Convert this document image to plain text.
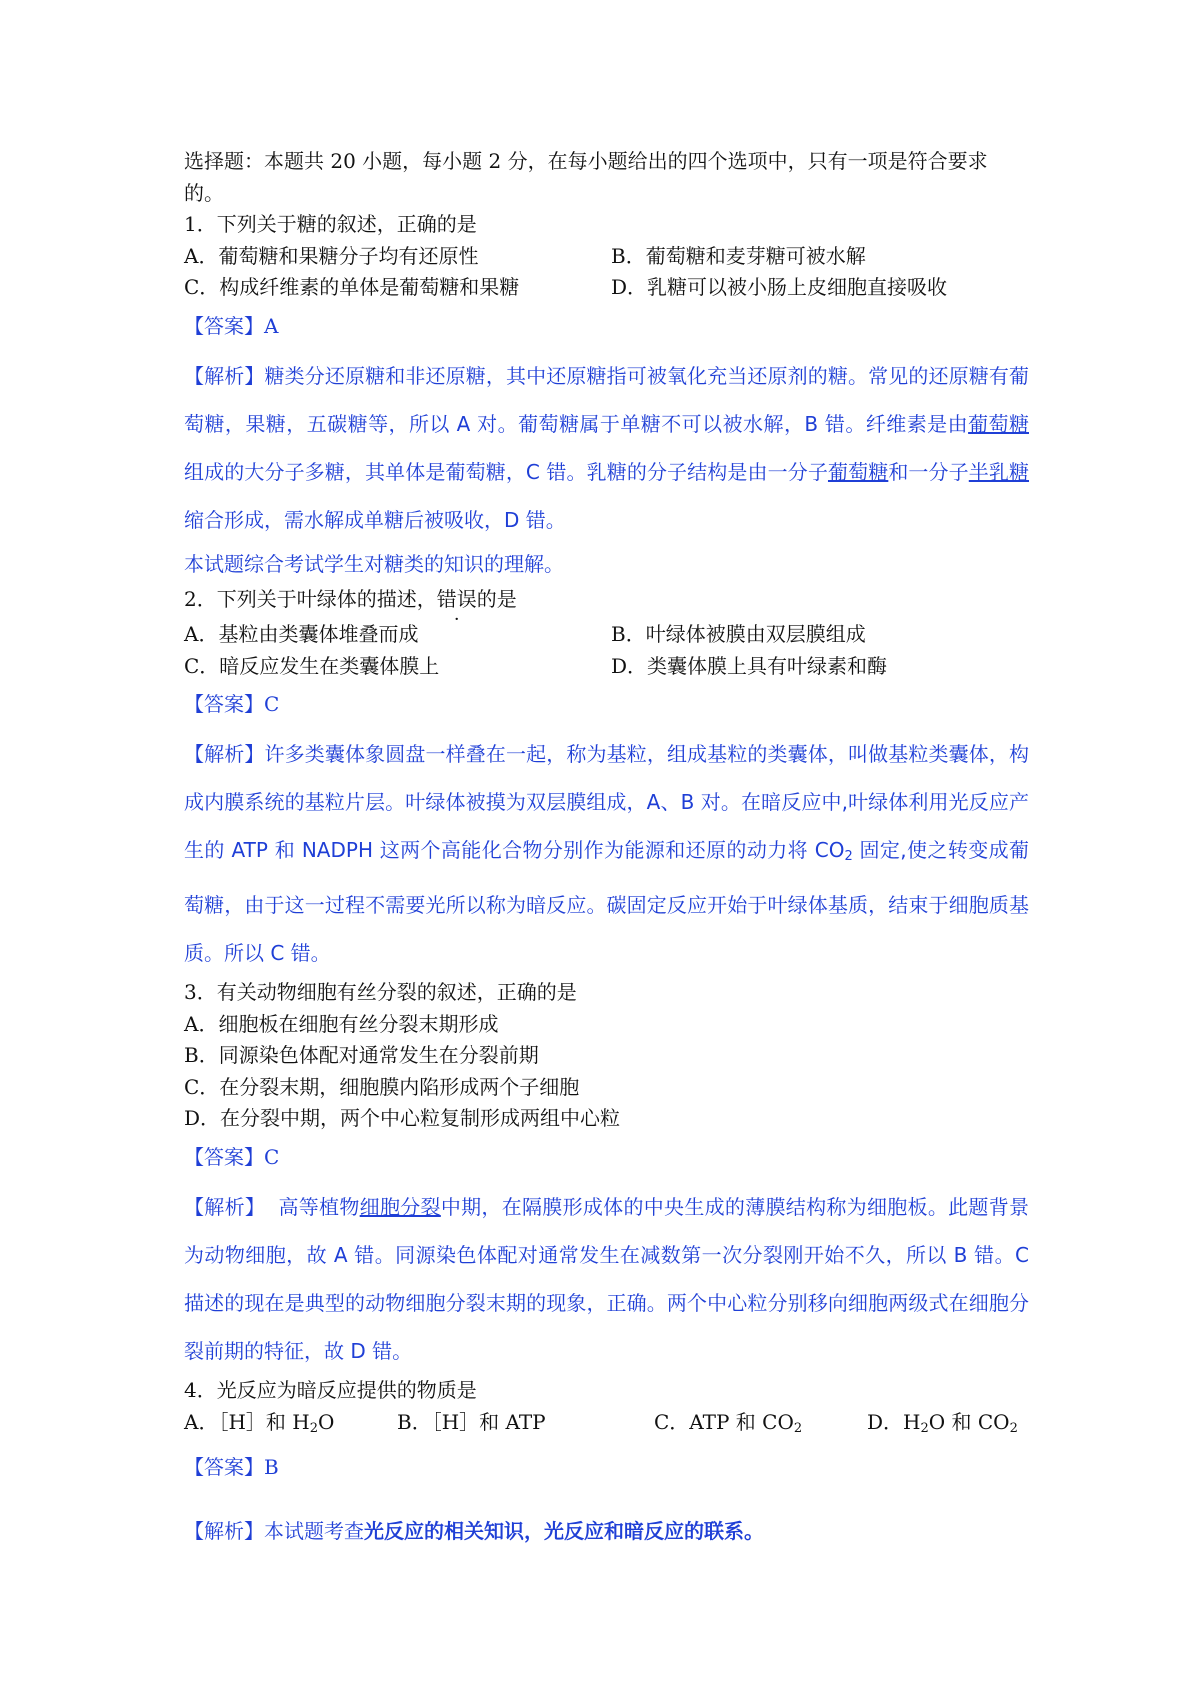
选择题：本题共 20 小题，每小题 2 分，在每小题给出的四个选项中，只有一项是符合要求
的。
1．下列关于糖的叙述，正确的是
A．葡萄糖和果糖分子均有还原性	B．葡萄糖和麦芽糖可被水解
C．构成纤维素的单体是葡萄糖和果糖	D．乳糖可以被小肠上皮细胞直接吸收
【答案】A
【解析】糖类分还原糖和非还原糖，其中还原糖指可被氧化充当还原剂的糖。常见的还原糖有葡萄糖，果糖，五碳糖等，所以 A 对。葡萄糖属于单糖不可以被水解，B 错。纤维素是由葡萄糖组成的大分子多糖，其单体是葡萄糖，C 错。乳糖的分子结构是由一分子葡萄糖和一分子半乳糖缩合形成，需水解成单糖后被吸收，D 错。
本试题综合考试学生对糖类的知识的理解。
2．下列关于叶绿体的描述，错误的是
A．基粒由类囊体堆叠而成	B．叶绿体被膜由双层膜组成
C．暗反应发生在类囊体膜上	D．类囊体膜上具有叶绿素和酶
【答案】C
【解析】许多类囊体象圆盘一样叠在一起，称为基粒，组成基粒的类囊体，叫做基粒类囊体，构成内膜系统的基粒片层。叶绿体被摸为双层膜组成，A、B 对。在暗反应中,叶绿体利用光反应产生的 ATP 和 NADPH 这两个高能化合物分别作为能源和还原的动力将 $CO_2$ 固定,使之转变成葡萄糖，由于这一过程不需要光所以称为暗反应。碳固定反应开始于叶绿体基质，结束于细胞质基质。所以 C 错。
3．有关动物细胞有丝分裂的叙述，正确的是
A．细胞板在细胞有丝分裂末期形成
B．同源染色体配对通常发生在分裂前期
C．在分裂末期，细胞膜内陷形成两个子细胞
D．在分裂中期，两个中心粒复制形成两组中心粒
【答案】C
【解析】  高等植物细胞分裂中期，在隔膜形成体的中央生成的薄膜结构称为细胞板。此题背景为动物细胞，故 A 错。同源染色体配对通常发生在减数第一次分裂刚开始不久，所以 B 错。C 描述的现在是典型的动物细胞分裂末期的现象，正确。两个中心粒分别移向细胞两级式在细胞分裂前期的特征，故 D 错。
4．光反应为暗反应提供的物质是
A．［H］和 $H_2O$	B．［H］和 ATP	C．ATP 和 $CO_2$	D．$H_2O$ 和 $CO_2$
【答案】B
【解析】本试题考查光反应的相关知识，光反应和暗反应的联系。
